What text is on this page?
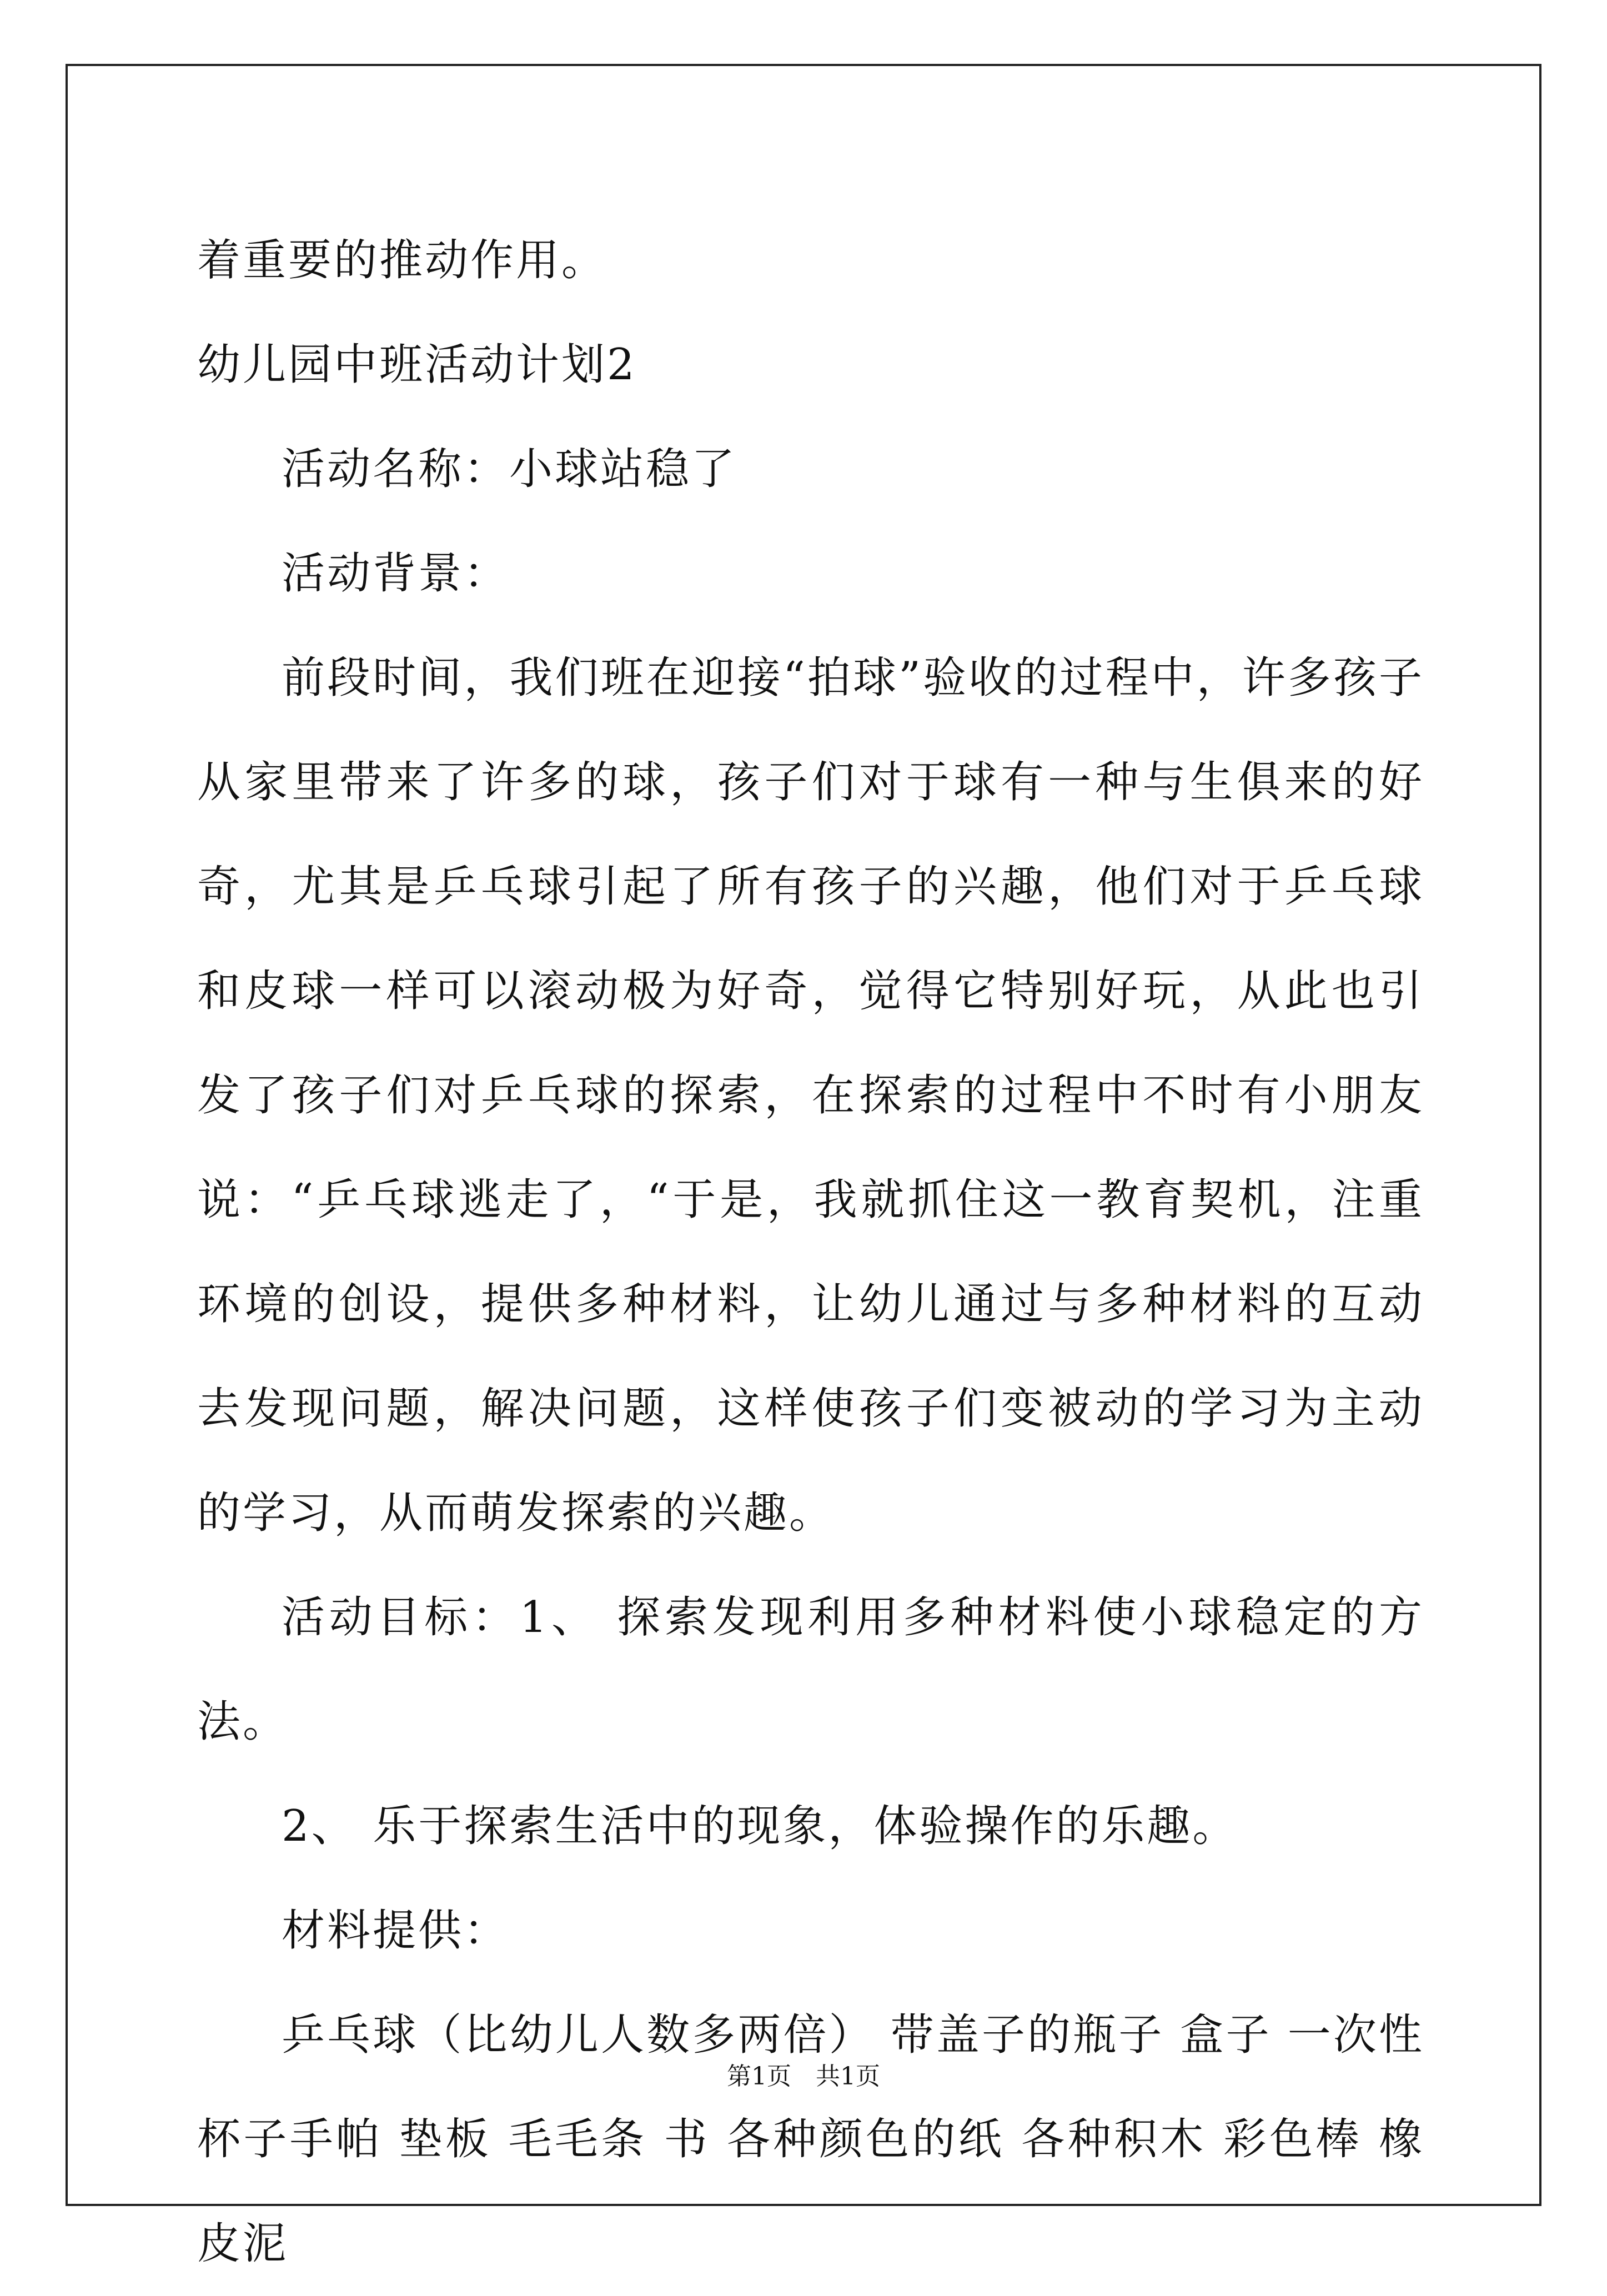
着重要的推动作用。

幼儿园中班活动计划2

活动名称：小球站稳了

活动背景：

前段时间，我们班在迎接“拍球”验收的过程中，许多孩子从家里带来了许多的球，孩子们对于球有一种与生俱来的好奇，尤其是乒乓球引起了所有孩子的兴趣，他们对于乒乓球和皮球一样可以滚动极为好奇，觉得它特别好玩，从此也引发了孩子们对乒乓球的探索，在探索的过程中不时有小朋友说：“乒乓球逃走了，“于是，我就抓住这一教育契机，注重环境的创设，提供多种材料，让幼儿通过与多种材料的互动去发现问题，解决问题，这样使孩子们变被动的学习为主动的学习，从而萌发探索的兴趣。

活动目标：1、 探索发现利用多种材料使小球稳定的方法。

2、 乐于探索生活中的现象，体验操作的乐趣。

材料提供：

乒乓球（比幼儿人数多两倍） 带盖子的瓶子 盒子 一次性杯子手帕 垫板 毛毛条 书 各种颜色的纸 各种积木 彩色棒 橡皮泥

第1页　共1页
